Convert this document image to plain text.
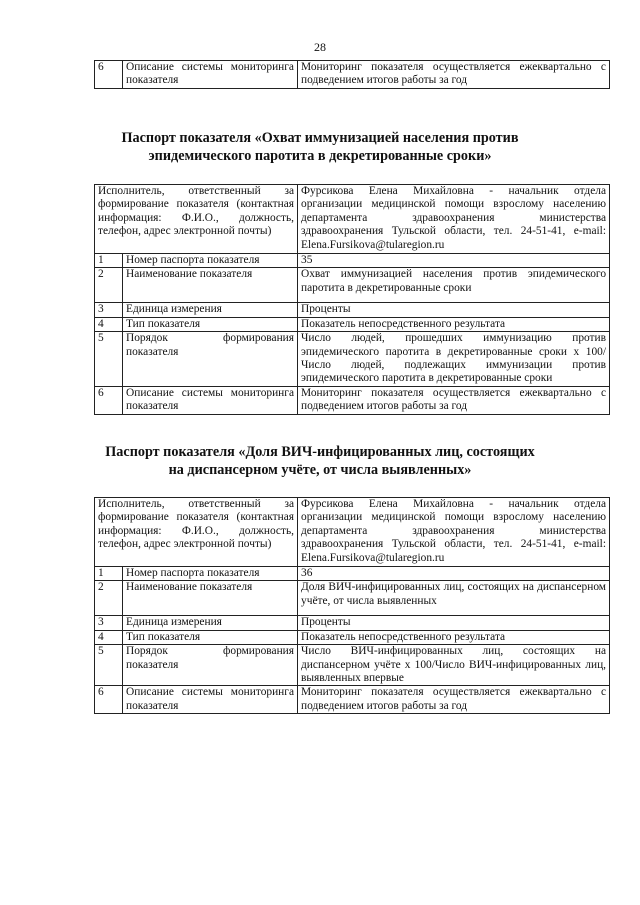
28
6	Описание системы мониторинга показателя	Мониторинг показателя осуществляется ежеквартально с подведением итогов работы за год
Паспорт показателя «Охват иммунизацией населения против
эпидемического паротита в декретированные сроки»
Исполнитель, ответственный за формирование показателя (контактная информация: Ф.И.О., должность, телефон, адрес электронной почты)		Фурсикова Елена Михайловна - начальник отдела организации медицинской помощи взрослому населению департамента здравоохранения министерства здравоохранения Тульской области, тел. 24-51-41, e-mail: Elena.Fursikova@tularegion.ru
1	Номер паспорта показателя	35
2	Наименование показателя	Охват иммунизацией населения против эпидемического паротита в декретированные сроки
3	Единица измерения	Проценты
4	Тип показателя	Показатель непосредственного результата
5	Порядок формирования показателя	Число людей, прошедших иммунизацию против эпидемического паротита в декретированные сроки х 100/Число людей, подлежащих иммунизации против эпидемического паротита в декретированные сроки
6	Описание системы мониторинга показателя	Мониторинг показателя осуществляется ежеквартально с подведением итогов работы за год
Паспорт показателя «Доля ВИЧ-инфицированных лиц, состоящих
на диспансерном учёте, от числа выявленных»
Исполнитель, ответственный за формирование показателя (контактная информация: Ф.И.О., должность, телефон, адрес электронной почты)		Фурсикова Елена Михайловна - начальник отдела организации медицинской помощи взрослому населению департамента здравоохранения министерства здравоохранения Тульской области, тел. 24-51-41, e-mail: Elena.Fursikova@tularegion.ru
1	Номер паспорта показателя	36
2	Наименование показателя	Доля ВИЧ-инфицированных лиц, состоящих на диспансерном учёте, от числа выявленных
3	Единица измерения	Проценты
4	Тип показателя	Показатель непосредственного результата
5	Порядок формирования показателя	Число ВИЧ-инфицированных лиц, состоящих на диспансерном учёте х 100/Число ВИЧ-инфицированных лиц, выявленных впервые
6	Описание системы мониторинга показателя	Мониторинг показателя осуществляется ежеквартально с подведением итогов работы за год
